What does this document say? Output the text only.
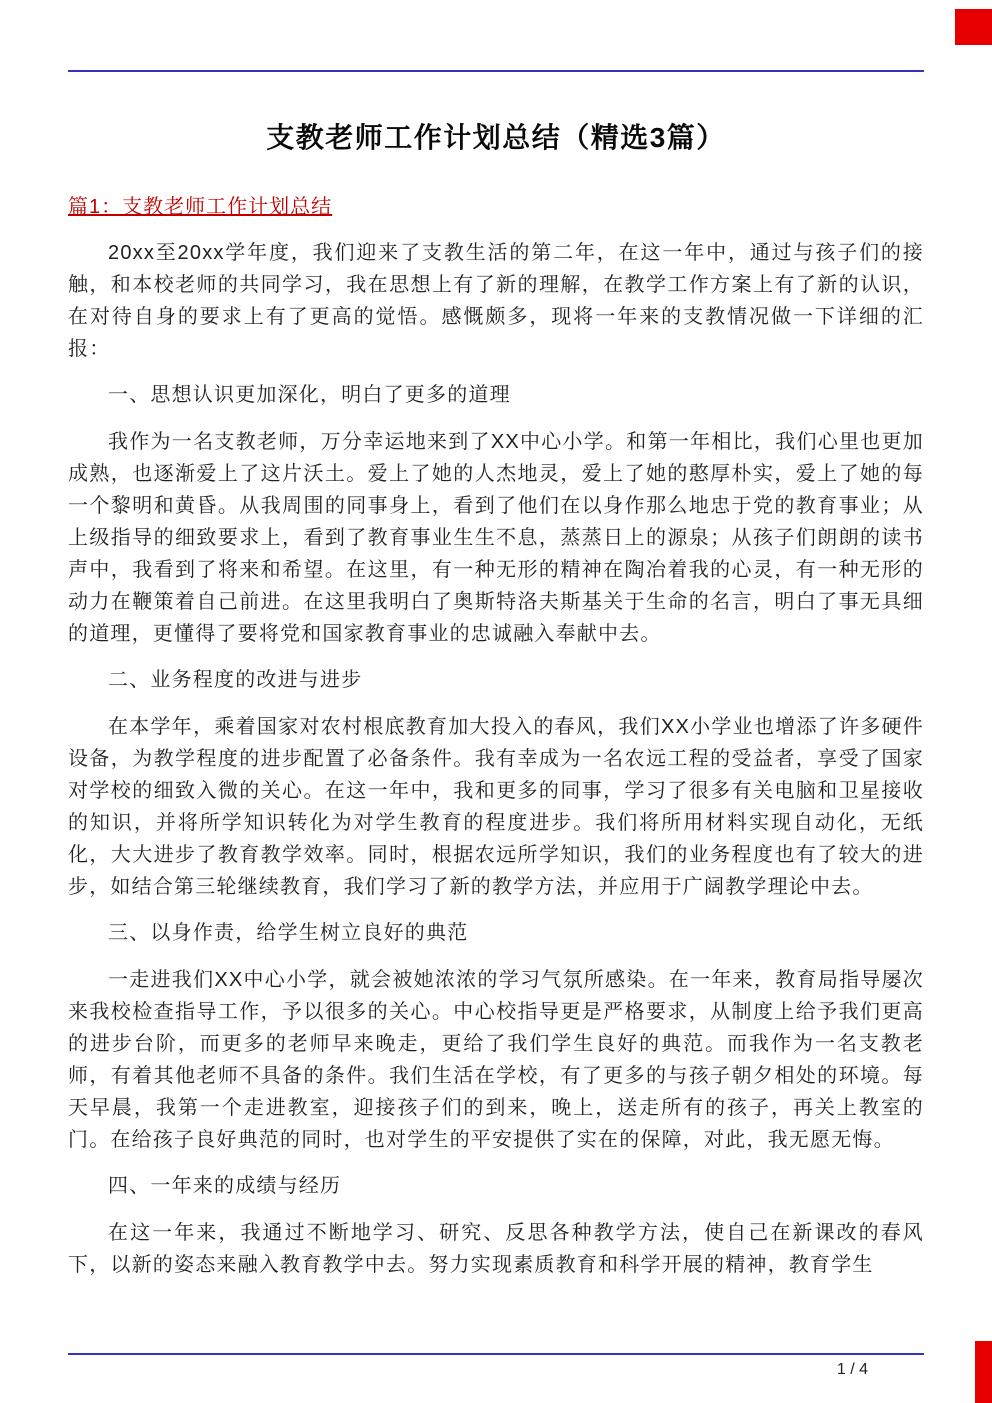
支教老师工作计划总结（精选3篇）
篇1：支教老师工作计划总结

20xx至20xx学年度，我们迎来了支教生活的第二年，在这一年中，通过与孩子们的接触，和本校老师的共同学习，我在思想上有了新的理解，在教学工作方案上有了新的认识，在对待自身的要求上有了更高的觉悟。感慨颇多，现将一年来的支教情况做一下详细的汇报：

一、思想认识更加深化，明白了更多的道理

我作为一名支教老师，万分幸运地来到了XX中心小学。和第一年相比，我们心里也更加成熟，也逐渐爱上了这片沃土。爱上了她的人杰地灵，爱上了她的憨厚朴实，爱上了她的每一个黎明和黄昏。从我周围的同事身上，看到了他们在以身作那么地忠于党的教育事业；从上级指导的细致要求上，看到了教育事业生生不息，蒸蒸日上的源泉；从孩子们朗朗的读书声中，我看到了将来和希望。在这里，有一种无形的精神在陶冶着我的心灵，有一种无形的动力在鞭策着自己前进。在这里我明白了奥斯特洛夫斯基关于生命的名言，明白了事无具细的道理，更懂得了要将党和国家教育事业的忠诚融入奉献中去。

二、业务程度的改进与进步

在本学年，乘着国家对农村根底教育加大投入的春风，我们XX小学业也增添了许多硬件设备，为教学程度的进步配置了必备条件。我有幸成为一名农远工程的受益者，享受了国家对学校的细致入微的关心。在这一年中，我和更多的同事，学习了很多有关电脑和卫星接收的知识，并将所学知识转化为对学生教育的程度进步。我们将所用材料实现自动化，无纸化，大大进步了教育教学效率。同时，根据农远所学知识，我们的业务程度也有了较大的进步，如结合第三轮继续教育，我们学习了新的教学方法，并应用于广阔教学理论中去。

三、以身作责，给学生树立良好的典范

一走进我们XX中心小学，就会被她浓浓的学习气氛所感染。在一年来，教育局指导屡次来我校检查指导工作，予以很多的关心。中心校指导更是严格要求，从制度上给予我们更高的进步台阶，而更多的老师早来晚走，更给了我们学生良好的典范。而我作为一名支教老师，有着其他老师不具备的条件。我们生活在学校，有了更多的与孩子朝夕相处的环境。每天早晨，我第一个走进教室，迎接孩子们的到来，晚上，送走所有的孩子，再关上教室的门。在给孩子良好典范的同时，也对学生的平安提供了实在的保障，对此，我无愿无悔。

四、一年来的成绩与经历

在这一年来，我通过不断地学习、研究、反思各种教学方法，使自己在新课改的春风下，以新的姿态来融入教育教学中去。努力实现素质教育和科学开展的精神，教育学生

1 / 4
